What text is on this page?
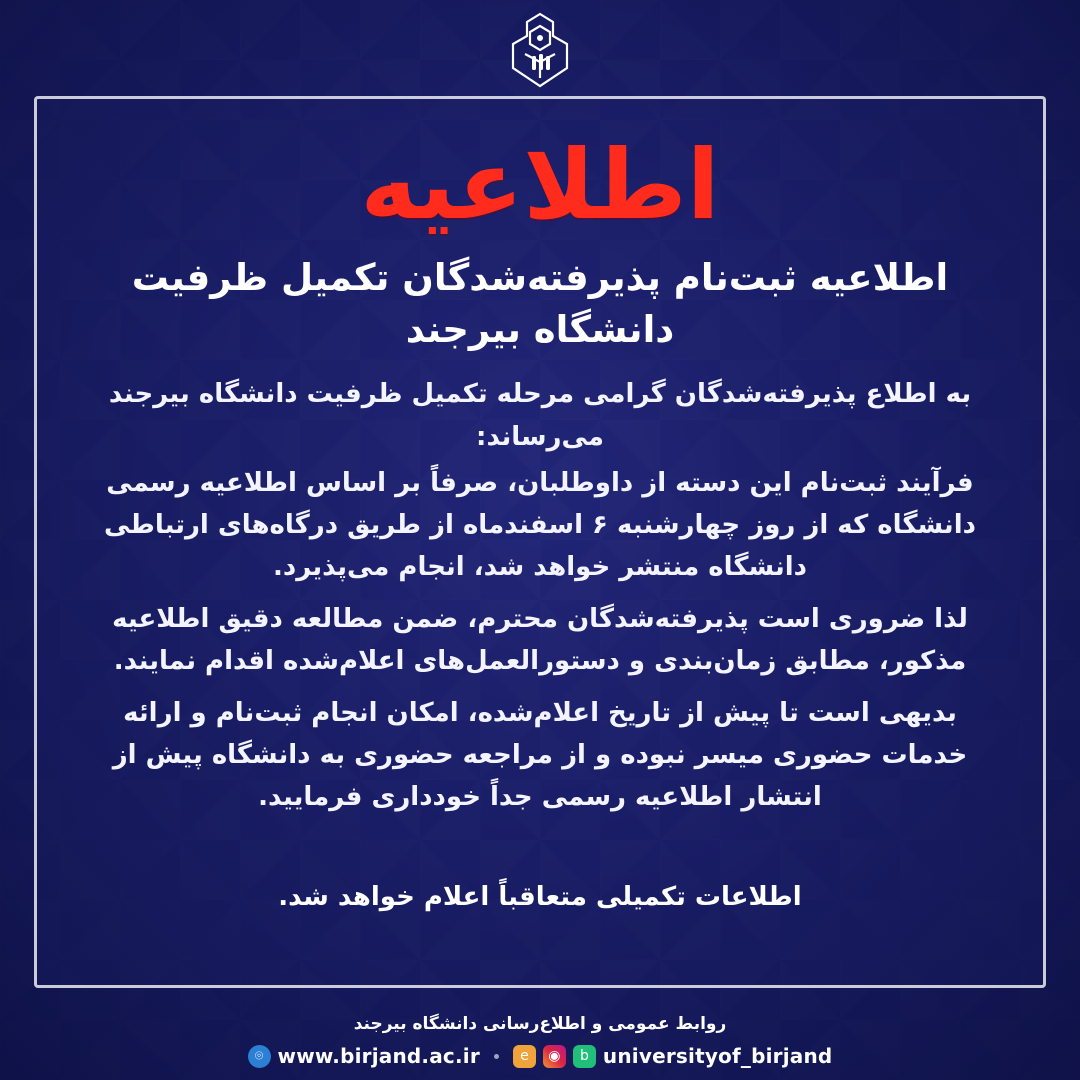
اطلاعیه
اطلاعیه ثبت‌نام پذیرفته‌شدگان تکمیل ظرفیت دانشگاه بیرجند

به اطلاع پذیرفته‌شدگان گرامی مرحله تکمیل ظرفیت دانشگاه بیرجند می‌رساند:

فرآیند ثبت‌نام این دسته از داوطلبان، صرفاً بر اساس اطلاعیه رسمی دانشگاه که از روز چهارشنبه ۶ اسفندماه از طریق درگاه‌های ارتباطی دانشگاه منتشر خواهد شد، انجام می‌پذیرد.

لذا ضروری است پذیرفته‌شدگان محترم، ضمن مطالعه دقیق اطلاعیه مذکور، مطابق زمان‌بندی و دستورالعمل‌های اعلام‌شده اقدام نمایند.

بدیهی است تا پیش از تاریخ اعلام‌شده، امکان انجام ثبت‌نام و ارائه خدمات حضوری میسر نبوده و از مراجعه حضوری به دانشگاه پیش از انتشار اطلاعیه رسمی جداً خودداری فرمایید.

اطلاعات تکمیلی متعاقباً اعلام خواهد شد.
روابط عمومی و اطلاع‌رسانی دانشگاه بیرجند
⌾ www.birjand.ac.ir	e	◉	b universityof_birjand
